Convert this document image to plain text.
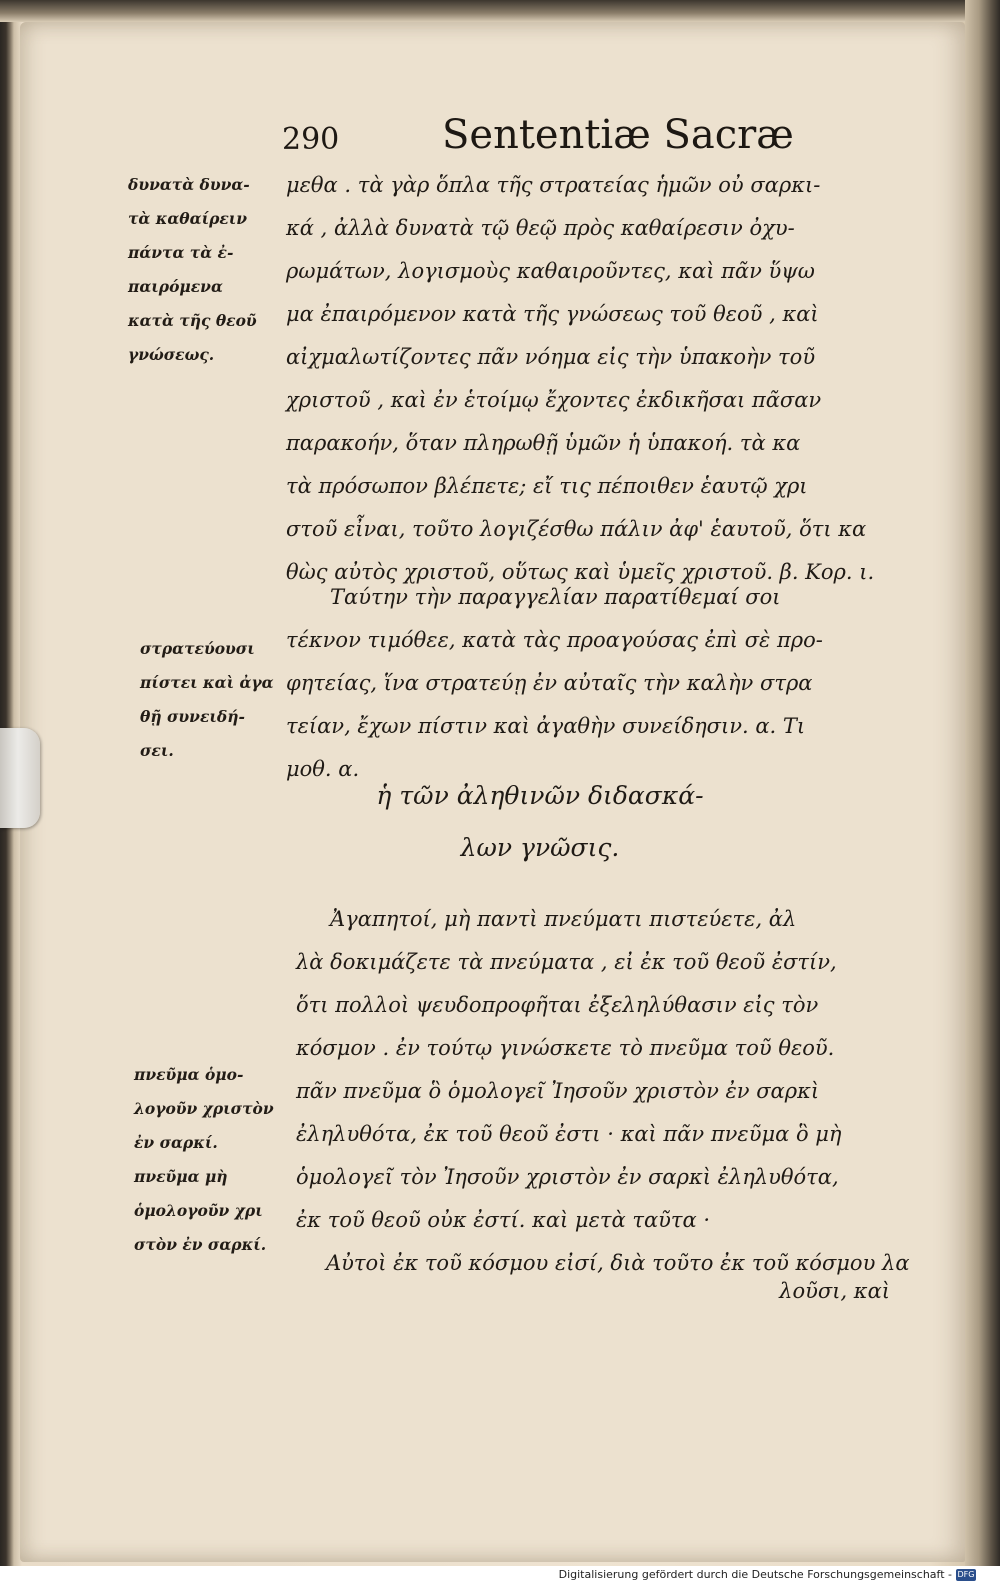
290	Sententiæ Sacræ
δυνατὰ δυνα-
τὰ καθαίρειν
πάντα τὰ ἐ-
παιρόμενα
κατὰ τῆς θεοῦ
γνώσεως.
μεθα . τὰ γὰρ ὅπλα τῆς στρατείας ἡμῶν οὐ σαρκι-
κά , ἀλλὰ δυνατὰ τῷ θεῷ πρὸς καθαίρεσιν ὀχυ-
ρωμάτων, λογισμοὺς καθαιροῦντες, καὶ πᾶν ὕψω
μα ἐπαιρόμενον κατὰ τῆς γνώσεως τοῦ θεοῦ , καὶ
αἰχμαλωτίζοντες πᾶν νόημα εἰς τὴν ὑπακοὴν τοῦ
χριστοῦ , καὶ ἐν ἑτοίμῳ ἔχοντες ἐκδικῆσαι πᾶσαν
παρακοήν, ὅταν πληρωθῇ ὑμῶν ἡ ὑπακοή. τὰ κα
τὰ πρόσωπον βλέπετε; εἴ τις πέποιθεν ἑαυτῷ χρι
στοῦ εἶναι, τοῦτο λογιζέσθω πάλιν ἀφ' ἑαυτοῦ, ὅτι κα
θὼς αὐτὸς χριστοῦ, οὕτως καὶ ὑμεῖς χριστοῦ. β. Κορ. ι.
Ταύτην τὴν παραγγελίαν παρατίθεμαί σοι
τέκνον τιμόθεε, κατὰ τὰς προαγούσας ἐπὶ σὲ προ-
φητείας, ἵνα στρατεύῃ ἐν αὐταῖς τὴν καλὴν στρα
τείαν, ἔχων πίστιν καὶ ἀγαθὴν συνείδησιν. α. Τι
μοθ. α.
στρατεύουσι
πίστει καὶ ἀγα
θῇ συνειδή-
σει.
ἡ τῶν ἀληθινῶν διδασκά-
λων γνῶσις.
Ἀγαπητοί, μὴ παντὶ πνεύματι πιστεύετε, ἀλ
λὰ δοκιμάζετε τὰ πνεύματα , εἰ ἐκ τοῦ θεοῦ ἐστίν,
ὅτι πολλοὶ ψευδοπροφῆται ἐξεληλύθασιν εἰς τὸν
κόσμον . ἐν τούτῳ γινώσκετε τὸ πνεῦμα τοῦ θεοῦ.
πᾶν πνεῦμα ὃ ὁμολογεῖ Ἰησοῦν χριστὸν ἐν σαρκὶ
ἐληλυθότα, ἐκ τοῦ θεοῦ ἐστι · καὶ πᾶν πνεῦμα ὃ μὴ
ὁμολογεῖ τὸν Ἰησοῦν χριστὸν ἐν σαρκὶ ἐληλυθότα,
ἐκ τοῦ θεοῦ οὐκ ἐστί. καὶ μετὰ ταῦτα ·
Αὐτοὶ ἐκ τοῦ κόσμου εἰσί, διὰ τοῦτο ἐκ τοῦ κόσμου λα
λοῦσι, καὶ
πνεῦμα ὁμο-
λογοῦν χριστὸν
ἐν σαρκί.
πνεῦμα μὴ
ὁμολογοῦν χρι
στὸν ἐν σαρκί.
Digitalisierung gefördert durch die Deutsche Forschungsgemeinschaft - DFG
